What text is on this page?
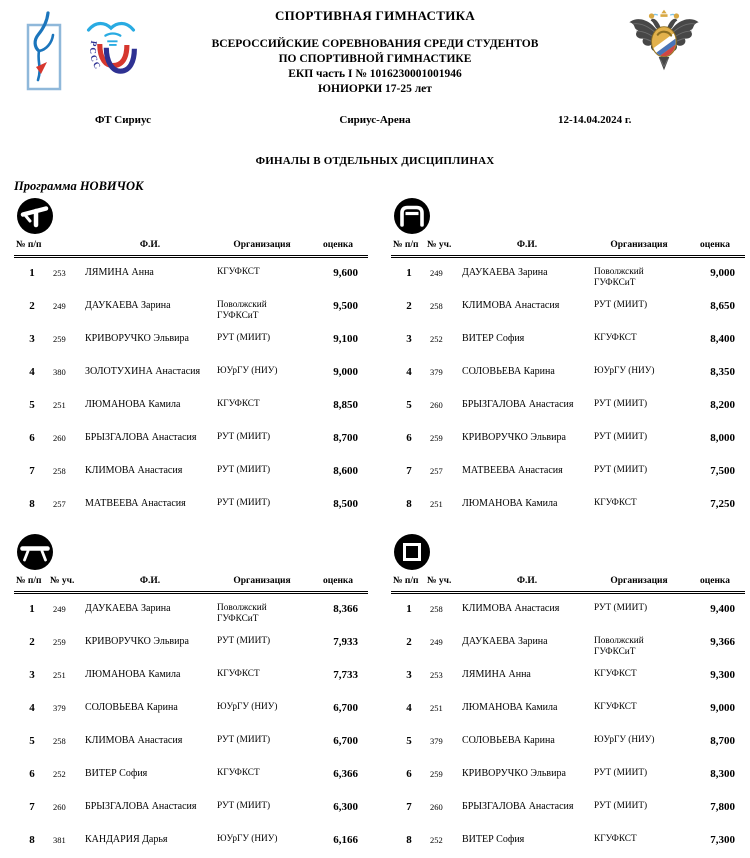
РССС
СПОРТИВНАЯ ГИМНАСТИКА
ВСЕРОССИЙСКИЕ СОРЕВНОВАНИЯ СРЕДИ СТУДЕНТОВ
ПО СПОРТИВНОЙ ГИМНАСТИКЕ
ЕКП часть I № 1016230001001946
ЮНИОРКИ 17-25 лет
ФТ Сириус	Сириус-Арена	12-14.04.2024 г.
ФИНАЛЫ В ОТДЕЛЬНЫХ ДИСЦИПЛИНАХ
Программа НОВИЧОК
№ п/п		Ф.И.	Организация	оценка
1	253	ЛЯМИНА Анна	КГУФКСТ	9,600
2	249	ДАУКАЕВА Зарина	Поволжский ГУФКСиТ	9,500
3	259	КРИВОРУЧКО Эльвира	РУТ (МИИТ)	9,100
4	380	ЗОЛОТУХИНА Анастасия	ЮУрГУ (НИУ)	9,000
5	251	ЛЮМАНОВА Камила	КГУФКСТ	8,850
6	260	БРЫЗГАЛОВА Анастасия	РУТ (МИИТ)	8,700
7	258	КЛИМОВА Анастасия	РУТ (МИИТ)	8,600
8	257	МАТВЕЕВА Анастасия	РУТ (МИИТ)	8,500
№ п/п	№ уч.	Ф.И.	Организация	оценка
1	249	ДАУКАЕВА Зарина	Поволжский ГУФКСиТ	9,000
2	258	КЛИМОВА Анастасия	РУТ (МИИТ)	8,650
3	252	ВИТЕР София	КГУФКСТ	8,400
4	379	СОЛОВЬЕВА Карина	ЮУрГУ (НИУ)	8,350
5	260	БРЫЗГАЛОВА Анастасия	РУТ (МИИТ)	8,200
6	259	КРИВОРУЧКО Эльвира	РУТ (МИИТ)	8,000
7	257	МАТВЕЕВА Анастасия	РУТ (МИИТ)	7,500
8	251	ЛЮМАНОВА Камила	КГУФКСТ	7,250
№ п/п	№ уч.	Ф.И.	Организация	оценка
1	249	ДАУКАЕВА Зарина	Поволжский ГУФКСиТ	8,366
2	259	КРИВОРУЧКО Эльвира	РУТ (МИИТ)	7,933
3	251	ЛЮМАНОВА Камила	КГУФКСТ	7,733
4	379	СОЛОВЬЕВА Карина	ЮУрГУ (НИУ)	6,700
5	258	КЛИМОВА Анастасия	РУТ (МИИТ)	6,700
6	252	ВИТЕР София	КГУФКСТ	6,366
7	260	БРЫЗГАЛОВА Анастасия	РУТ (МИИТ)	6,300
8	381	КАНДАРИЯ Дарья	ЮУрГУ (НИУ)	6,166
№ п/п	№ уч.	Ф.И.	Организация	оценка
1	258	КЛИМОВА Анастасия	РУТ (МИИТ)	9,400
2	249	ДАУКАЕВА Зарина	Поволжский ГУФКСиТ	9,366
3	253	ЛЯМИНА Анна	КГУФКСТ	9,300
4	251	ЛЮМАНОВА Камила	КГУФКСТ	9,000
5	379	СОЛОВЬЕВА Карина	ЮУрГУ (НИУ)	8,700
6	259	КРИВОРУЧКО Эльвира	РУТ (МИИТ)	8,300
7	260	БРЫЗГАЛОВА Анастасия	РУТ (МИИТ)	7,800
8	252	ВИТЕР София	КГУФКСТ	7,300
